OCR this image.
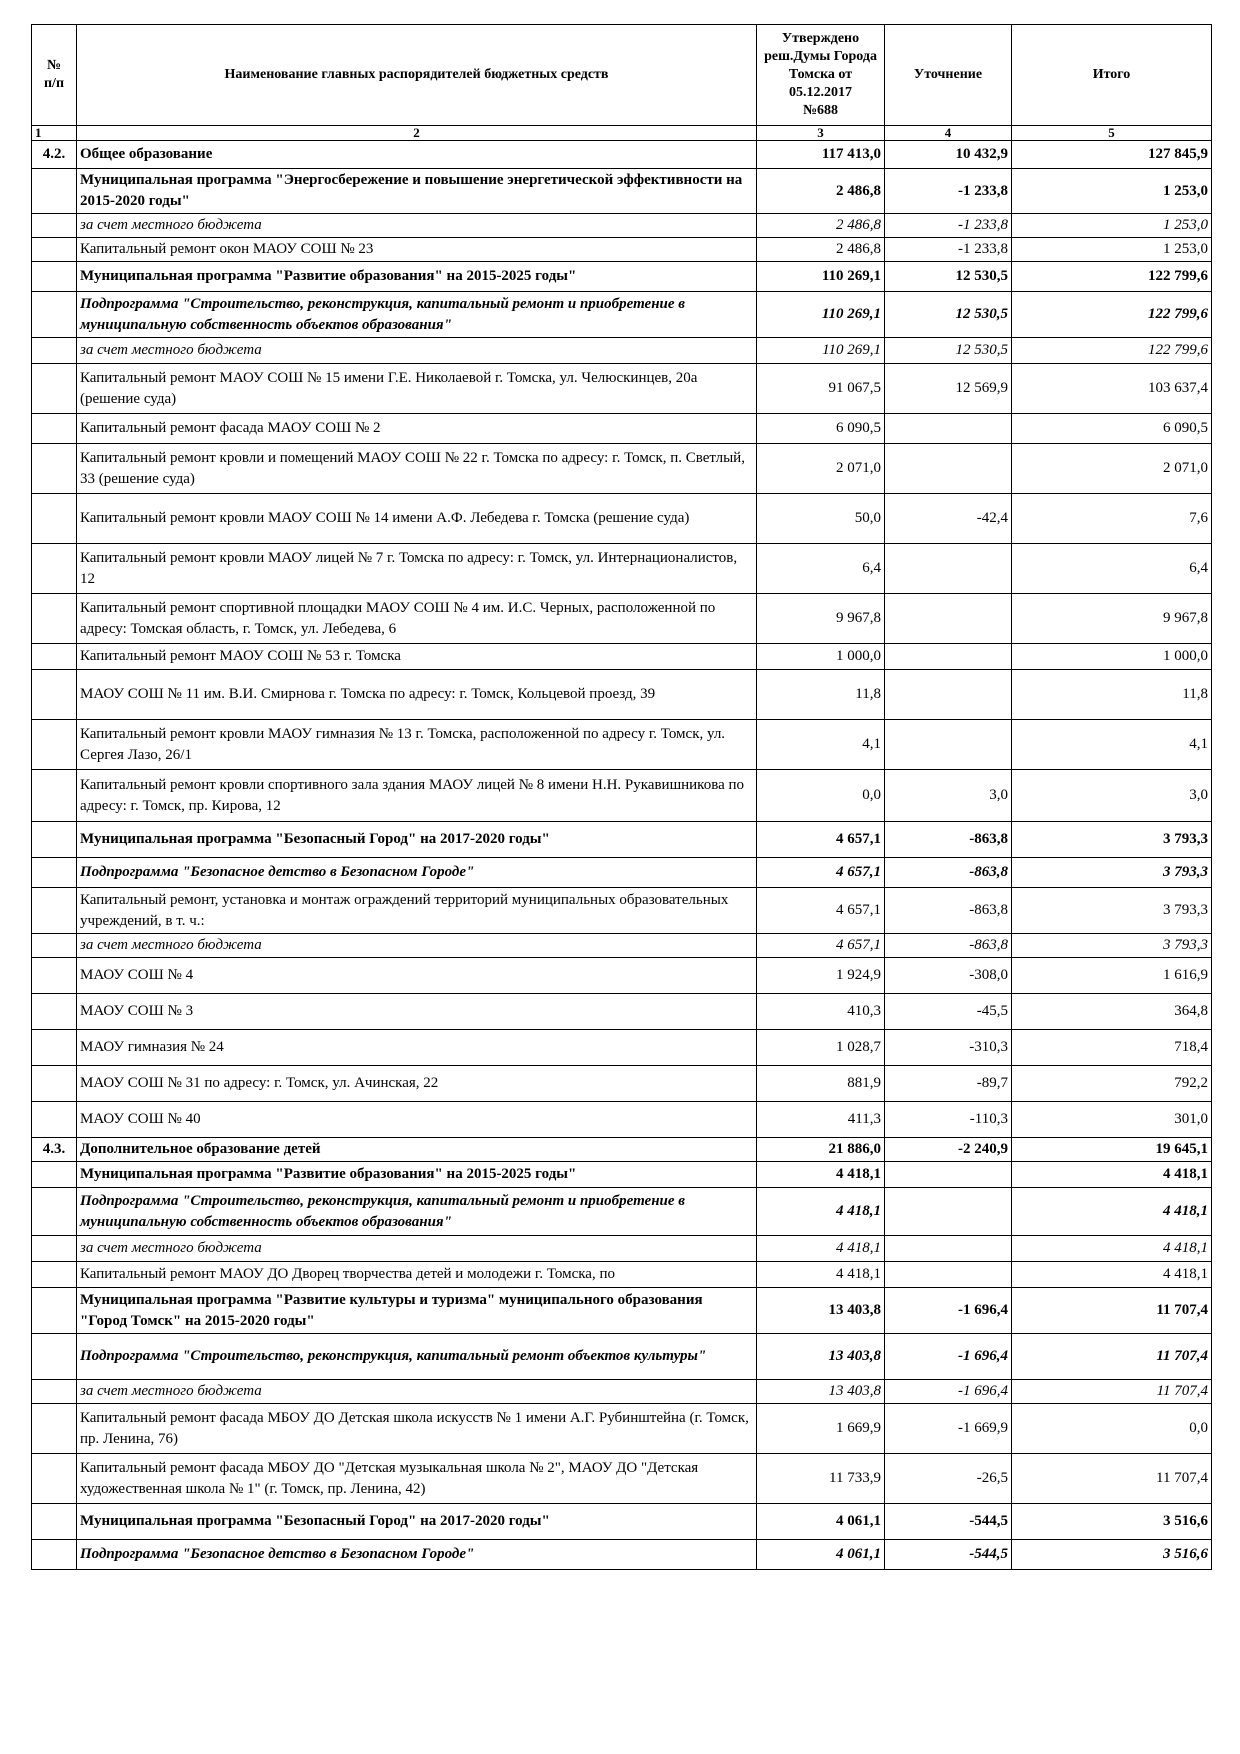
№
п/п	Наименование главных распорядителей бюджетных средств	Утверждено
реш.Думы Города
Томска от 05.12.2017
№688	Уточнение	Итого
1	2	3	4	5
4.2.	Общее образование	117 413,0	10 432,9	127 845,9
	Муниципальная программа "Энергосбережение и повышение энергетической эффективности на 2015-2020 годы"	2 486,8	-1 233,8	1 253,0
	за счет местного бюджета	2 486,8	-1 233,8	1 253,0
	Капитальный ремонт окон МАОУ СОШ № 23	2 486,8	-1 233,8	1 253,0
	Муниципальная программа "Развитие образования" на 2015-2025 годы"	110 269,1	12 530,5	122 799,6
	Подпрограмма "Строительство, реконструкция, капитальный ремонт и приобретение в муниципальную собственность объектов образования"	110 269,1	12 530,5	122 799,6
	за счет местного бюджета	110 269,1	12 530,5	122 799,6
	Капитальный ремонт МАОУ СОШ № 15 имени Г.Е. Николаевой г. Томска, ул. Челюскинцев, 20а (решение суда)	91 067,5	12 569,9	103 637,4
	Капитальный ремонт фасада МАОУ СОШ № 2	6 090,5		6 090,5
	Капитальный ремонт кровли и помещений МАОУ СОШ № 22 г. Томска по адресу: г. Томск, п. Светлый, 33 (решение суда)	2 071,0		2 071,0
	Капитальный ремонт кровли МАОУ СОШ № 14 имени А.Ф. Лебедева г. Томска (решение суда)	50,0	-42,4	7,6
	Капитальный ремонт кровли МАОУ лицей № 7 г. Томска по адресу: г. Томск, ул. Интернационалистов, 12	6,4		6,4
	Капитальный ремонт спортивной площадки МАОУ СОШ № 4 им. И.С. Черных, расположенной по адресу: Томская область, г. Томск, ул. Лебедева, 6	9 967,8		9 967,8
	Капитальный ремонт МАОУ СОШ № 53 г. Томска	1 000,0		1 000,0
	МАОУ СОШ № 11 им. В.И. Смирнова г. Томска по адресу: г. Томск, Кольцевой проезд, 39	11,8		11,8
	Капитальный ремонт кровли МАОУ гимназия № 13 г. Томска, расположенной по адресу г. Томск, ул. Сергея Лазо, 26/1	4,1		4,1
	Капитальный ремонт кровли спортивного зала здания МАОУ лицей № 8 имени Н.Н. Рукавишникова по адресу: г. Томск, пр. Кирова, 12	0,0	3,0	3,0
	Муниципальная программа "Безопасный Город" на 2017-2020 годы"	4 657,1	-863,8	3 793,3
	Подпрограмма "Безопасное детство в Безопасном Городе"	4 657,1	-863,8	3 793,3
	Капитальный ремонт, установка и монтаж ограждений территорий муниципальных образовательных учреждений, в т. ч.:	4 657,1	-863,8	3 793,3
	за счет местного бюджета	4 657,1	-863,8	3 793,3
	МАОУ СОШ № 4	1 924,9	-308,0	1 616,9
	МАОУ СОШ № 3	410,3	-45,5	364,8
	МАОУ гимназия № 24	1 028,7	-310,3	718,4
	МАОУ СОШ № 31 по адресу: г. Томск, ул. Ачинская, 22	881,9	-89,7	792,2
	МАОУ СОШ № 40	411,3	-110,3	301,0
4.3.	Дополнительное образование детей	21 886,0	-2 240,9	19 645,1
	Муниципальная программа "Развитие образования" на 2015-2025 годы"	4 418,1		4 418,1
	Подпрограмма "Строительство, реконструкция, капитальный ремонт и приобретение в муниципальную собственность объектов образования"	4 418,1		4 418,1
	за счет местного бюджета	4 418,1		4 418,1
	Капитальный ремонт МАОУ ДО Дворец творчества детей и молодежи г. Томска, по	4 418,1		4 418,1
	Муниципальная программа "Развитие культуры и туризма" муниципального образования "Город Томск" на 2015-2020 годы"	13 403,8	-1 696,4	11 707,4
	Подпрограмма "Строительство, реконструкция, капитальный ремонт объектов культуры"	13 403,8	-1 696,4	11 707,4
	за счет местного бюджета	13 403,8	-1 696,4	11 707,4
	Капитальный ремонт фасада МБОУ ДО Детская школа искусств № 1 имени А.Г. Рубинштейна (г. Томск, пр. Ленина, 76)	1 669,9	-1 669,9	0,0
	Капитальный ремонт фасада МБОУ ДО "Детская музыкальная школа № 2", МАОУ ДО "Детская художественная школа № 1" (г. Томск, пр. Ленина, 42)	11 733,9	-26,5	11 707,4
	Муниципальная программа "Безопасный Город" на 2017-2020 годы"	4 061,1	-544,5	3 516,6
	Подпрограмма "Безопасное детство в Безопасном Городе"	4 061,1	-544,5	3 516,6
